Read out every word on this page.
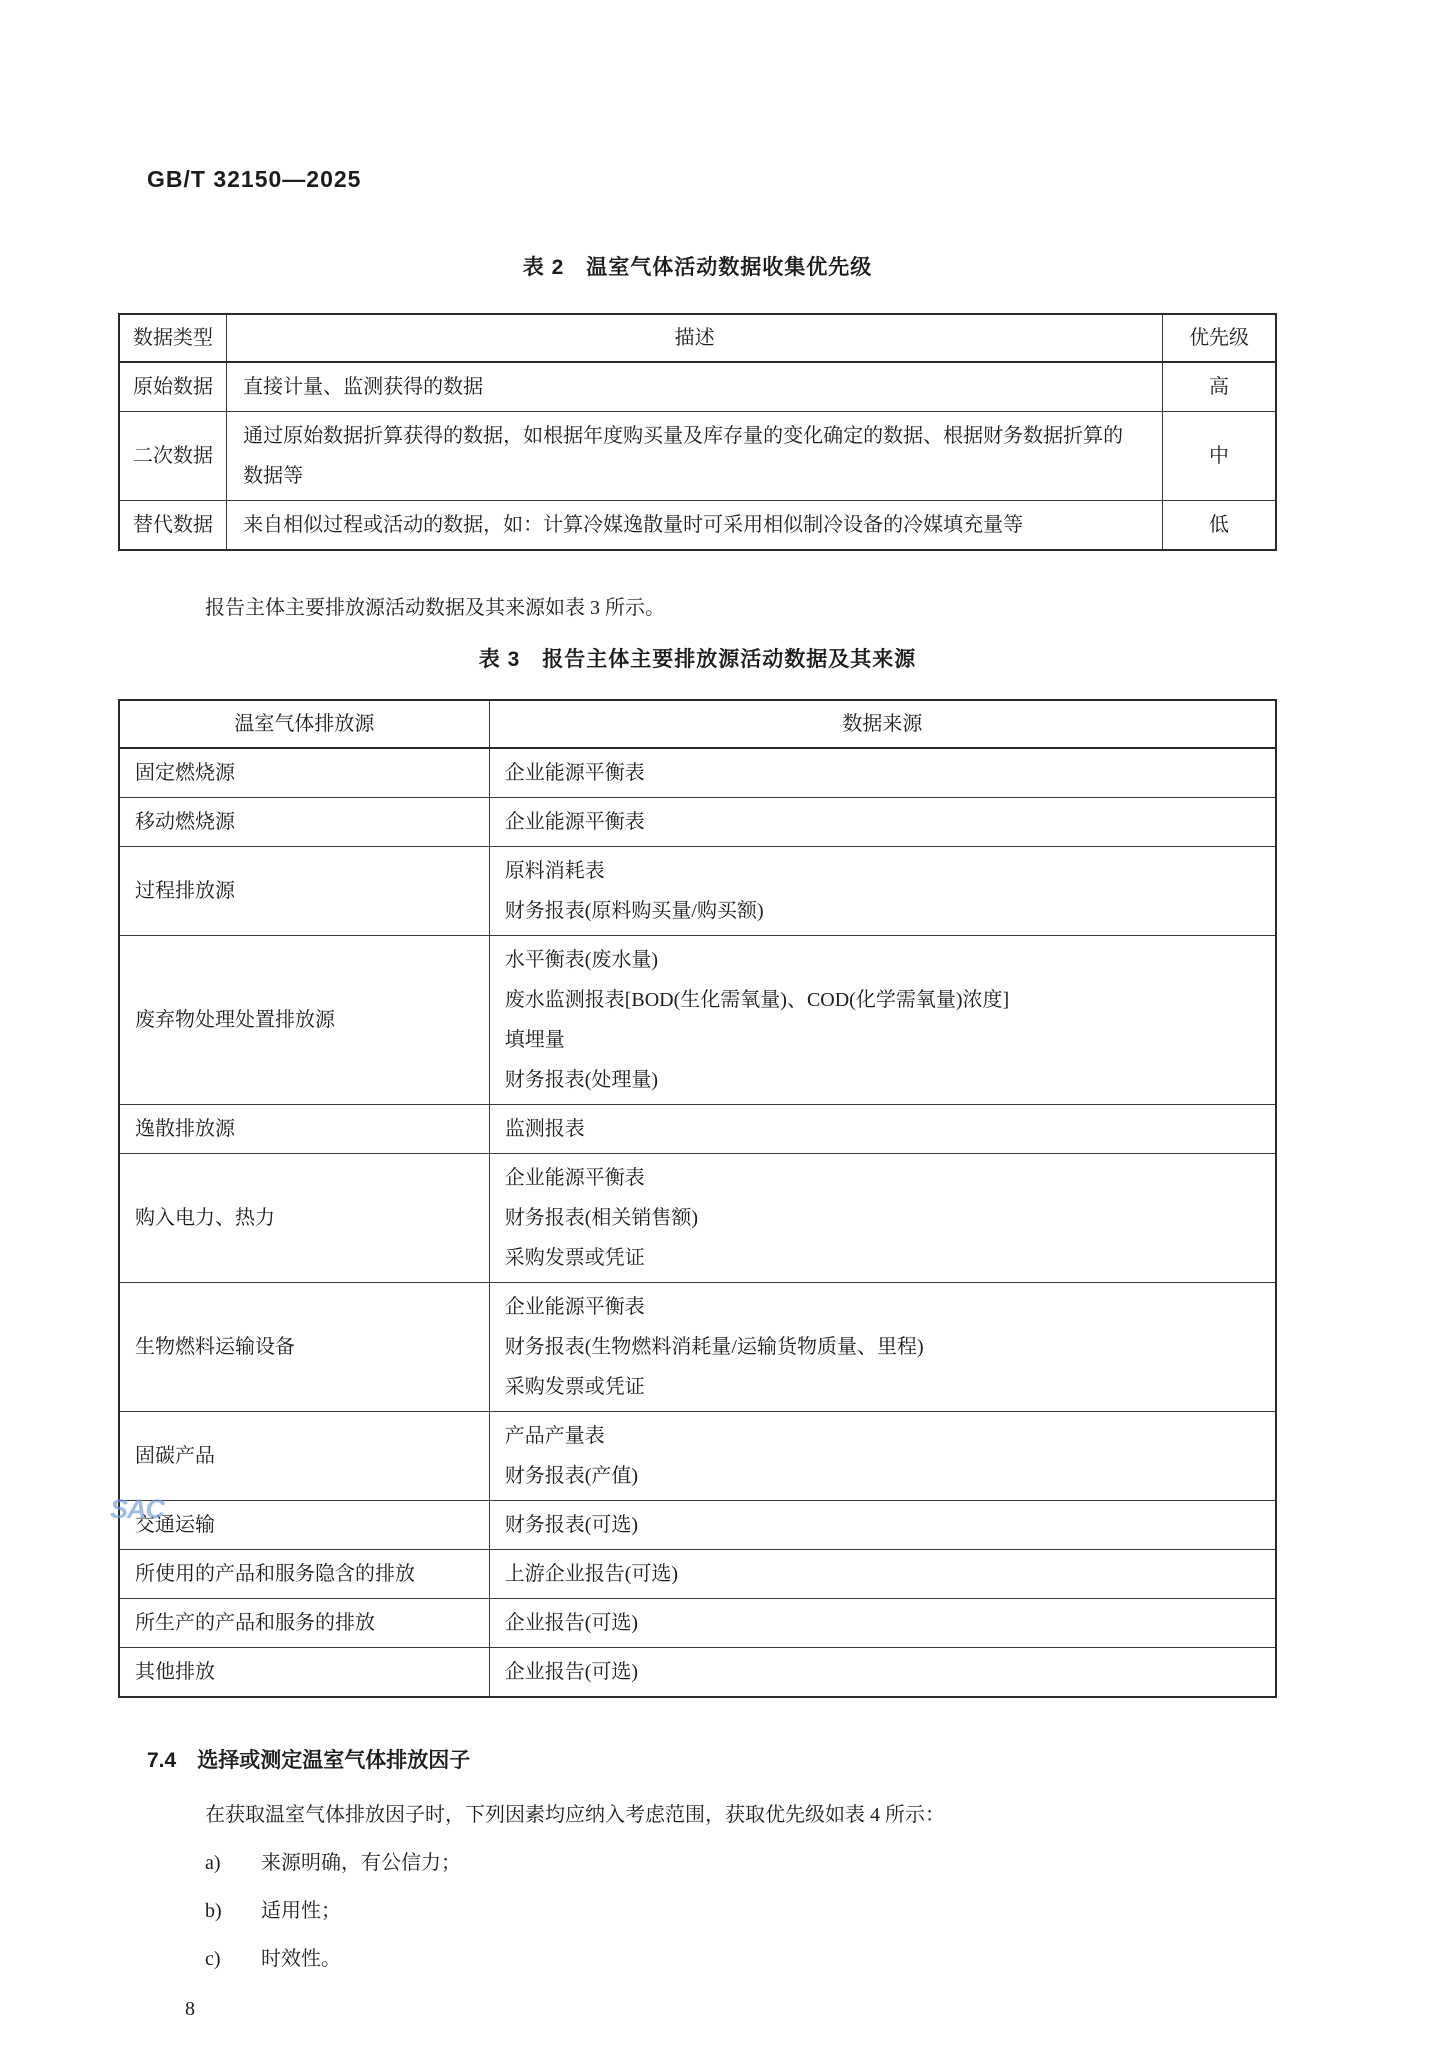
SAC
GB/T 32150—2025
表 2　温室气体活动数据收集优先级
数据类型	描述	优先级

原始数据	直接计量、监测获得的数据	高

二次数据	通过原始数据折算获得的数据，如根据年度购买量及库存量的变化确定的数据、根据财务数据折算的数据等	中

替代数据	来自相似过程或活动的数据，如：计算冷媒逸散量时可采用相似制冷设备的冷媒填充量等	低
报告主体主要排放源活动数据及其来源如表 3 所示。
表 3　报告主体主要排放源活动数据及其来源
温室气体排放源	数据来源

固定燃烧源	企业能源平衡表

移动燃烧源	企业能源平衡表

过程排放源	原料消耗表
财务报表(原料购买量/购买额)

废弃物处理处置排放源	水平衡表(废水量)
废水监测报表[BOD(生化需氧量)、COD(化学需氧量)浓度]
填埋量
财务报表(处理量)

逸散排放源	监测报表

购入电力、热力	企业能源平衡表
财务报表(相关销售额)
采购发票或凭证

生物燃料运输设备	企业能源平衡表
财务报表(生物燃料消耗量/运输货物质量、里程)
采购发票或凭证

固碳产品	产品产量表
财务报表(产值)

交通运输	财务报表(可选)

所使用的产品和服务隐含的排放	上游企业报告(可选)

所生产的产品和服务的排放	企业报告(可选)

其他排放	企业报告(可选)
7.4　选择或测定温室气体排放因子
在获取温室气体排放因子时，下列因素均应纳入考虑范围，获取优先级如表 4 所示：
a)	来源明确，有公信力；
b)	适用性；
c)	时效性。
8
